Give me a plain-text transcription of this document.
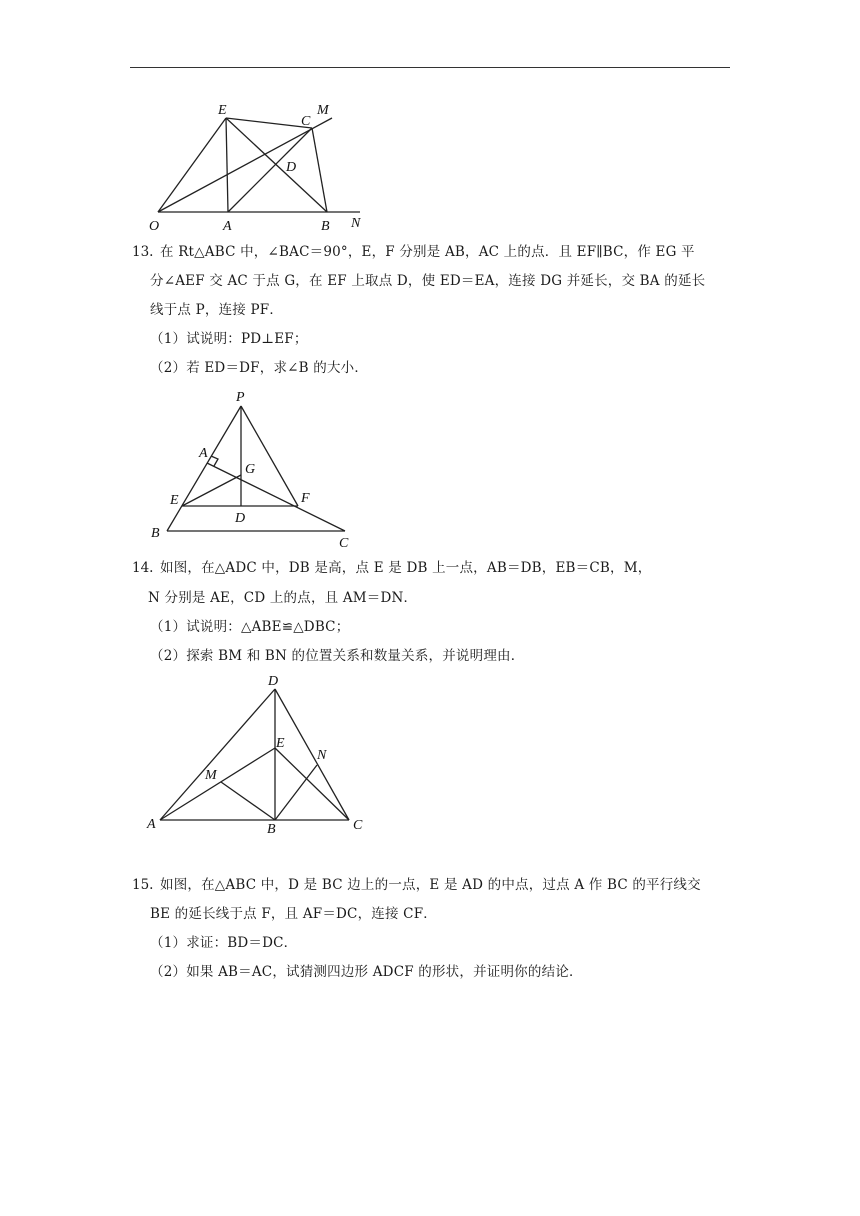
E
C
M
D
O	A	B N
13. 在 Rt△ABC 中，∠BAC＝90°，E，F 分别是 AB，AC 上的点．且 EF∥BC，作 EG 平
分∠AEF 交 AC 于点 G，在 EF 上取点 D，使 ED＝EA，连接 DG 并延长，交 BA 的延长
线于点 P，连接 PF．
（1）试说明：PD⊥EF；
（2）若 ED＝DF，求∠B 的大小．
P
A
G
E	F
D
B
C
14. 如图，在△ADC 中，DB 是高，点 E 是 DB 上一点，AB＝DB，EB＝CB，M，
N 分别是 AE，CD 上的点，且 AM＝DN．
（1）试说明：△ABE≌△DBC；
（2）探索 BM 和 BN 的位置关系和数量关系，并说明理由．
D
E
N
M
A	B	C
15. 如图，在△ABC 中，D 是 BC 边上的一点，E 是 AD 的中点，过点 A 作 BC 的平行线交
BE 的延长线于点 F，且 AF＝DC，连接 CF．
（1）求证：BD＝DC．
（2）如果 AB＝AC，试猜测四边形 ADCF 的形状，并证明你的结论．
